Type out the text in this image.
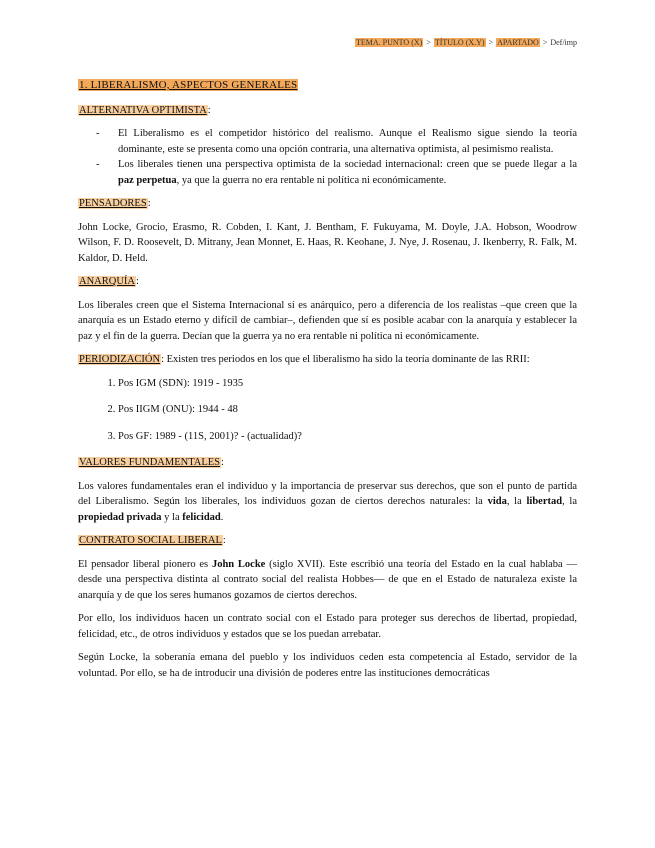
TEMA. PUNTO (X) > TÍTULO (X.Y) > APARTADO > Def/imp
1. LIBERALISMO, ASPECTOS GENERALES
ALTERNATIVA OPTIMISTA:
- El Liberalismo es el competidor histórico del realismo. Aunque el Realismo sigue siendo la teoría dominante, este se presenta como una opción contraria, una alternativa optimista, al pesimismo realista.
- Los liberales tienen una perspectiva optimista de la sociedad internacional: creen que se puede llegar a la paz perpetua, ya que la guerra no era rentable ni política ni económicamente.
PENSADORES:

John Locke, Grocio, Erasmo, R. Cobden, I. Kant, J. Bentham, F. Fukuyama, M. Doyle, J.A. Hobson, Woodrow Wilson, F. D. Roosevelt, D. Mitrany, Jean Monnet, E. Haas, R. Keohane, J. Nye, J. Rosenau, J. Ikenberry, R. Falk, M. Kaldor, D. Held.

ANARQUÍA:

Los liberales creen que el Sistema Internacional sí es anárquico, pero a diferencia de los realistas –que creen que la anarquía es un Estado eterno y difícil de cambiar–, defienden que sí es posible acabar con la anarquía y establecer la paz y el fin de la guerra. Decían que la guerra ya no era rentable ni política ni económicamente.

PERIODIZACIÓN: Existen tres periodos en los que el liberalismo ha sido la teoría dominante de las RRII:

1. Pos IGM (SDN): 1919 - 1935
2. Pos IIGM (ONU): 1944 - 48
3. Pos GF: 1989 - (11S, 2001)? - (actualidad)?
VALORES FUNDAMENTALES:

Los valores fundamentales eran el individuo y la importancia de preservar sus derechos, que son el punto de partida del Liberalismo. Según los liberales, los individuos gozan de ciertos derechos naturales: la vida, la libertad, la propiedad privada y la felicidad.

CONTRATO SOCIAL LIBERAL:

El pensador liberal pionero es John Locke (siglo XVII). Este escribió una teoría del Estado en la cual hablaba —desde una perspectiva distinta al contrato social del realista Hobbes— de que en el Estado de naturaleza existe la anarquía y de que los seres humanos gozamos de ciertos derechos.

Por ello, los individuos hacen un contrato social con el Estado para proteger sus derechos de libertad, propiedad, felicidad, etc., de otros individuos y estados que se los puedan arrebatar.

Según Locke, la soberanía emana del pueblo y los individuos ceden esta competencia al Estado, servidor de la voluntad. Por ello, se ha de introducir una división de poderes entre las instituciones democráticas
